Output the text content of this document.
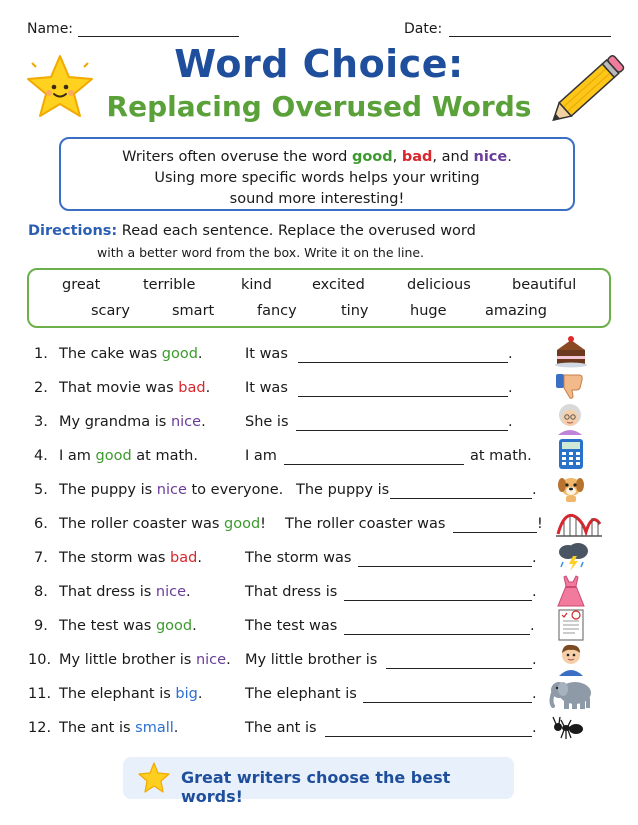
Name:	Date:
Word Choice:
Replacing Overused Words
Writers often overuse the word good, bad, and nice.
Using more specific words helps your writing
sound more interesting!
Directions: Read each sentence. Replace the overused word
with a better word from the box. Write it on the line.
great	terrible	kind	excited	delicious	beautiful
scary	smart	fancy	tiny	huge	amazing
1. The cake was good.	It was	.
2. That movie was bad. It was	.
3. My grandma is nice.	She is	.
4. I am good at math.	I am	at math.
5. The puppy is nice to everyone. The puppy is	.
6. The roller coaster was good! The roller coaster was	!
7. The storm was bad.	The storm was	.
8. That dress is nice.	That dress is	.
9. The test was good.	The test was	.
10. My little brother is nice. My little brother is	.
11. The elephant is big.	The elephant is	.
12. The ant is small.	The ant is	.
Great writers choose the best words!
